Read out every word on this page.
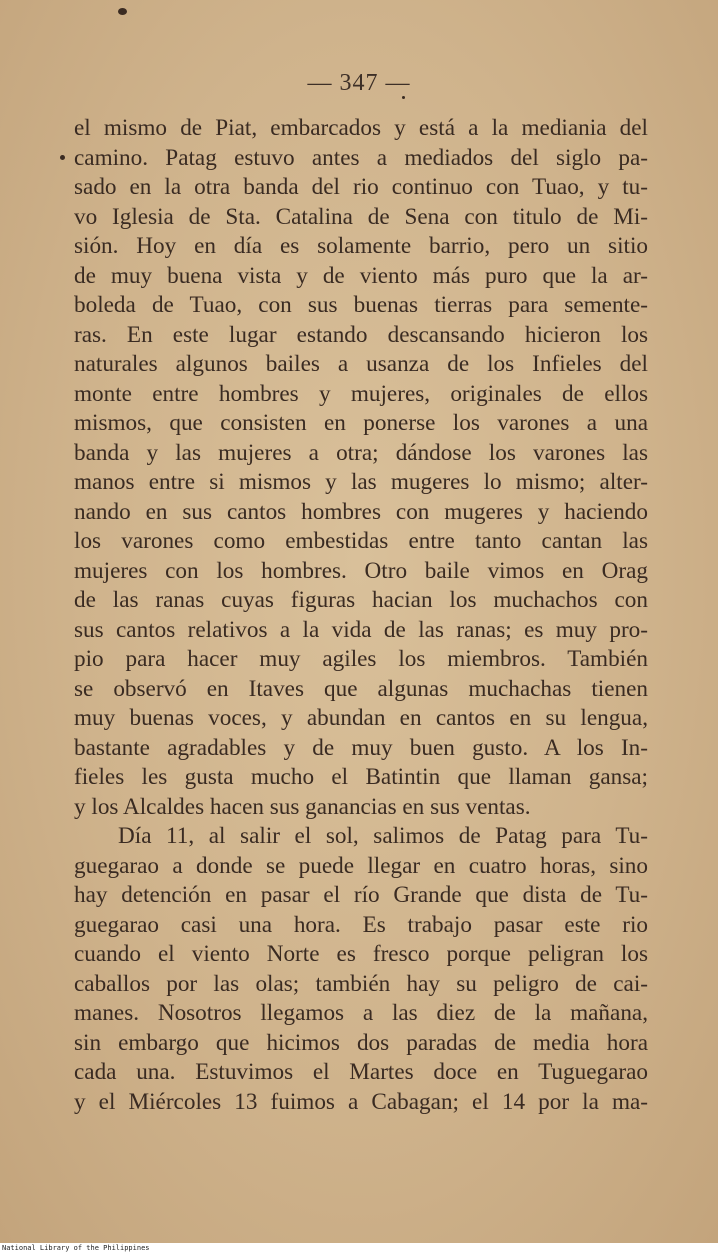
— 347 —
el mismo de Piat, embarcados y está a la mediania del
camino. Patag estuvo antes a mediados del siglo pa-
sado en la otra banda del rio continuo con Tuao, y tu-
vo Iglesia de Sta. Catalina de Sena con titulo de Mi-
sión. Hoy en día es solamente barrio, pero un sitio
de muy buena vista y de viento más puro que la ar-
boleda de Tuao, con sus buenas tierras para semente-
ras. En este lugar estando descansando hicieron los
naturales algunos bailes a usanza de los Infieles del
monte entre hombres y mujeres, originales de ellos
mismos, que consisten en ponerse los varones a una
banda y las mujeres a otra; dándose los varones las
manos entre si mismos y las mugeres lo mismo; alter-
nando en sus cantos hombres con mugeres y haciendo
los varones como embestidas entre tanto cantan las
mujeres con los hombres. Otro baile vimos en Orag
de las ranas cuyas figuras hacian los muchachos con
sus cantos relativos a la vida de las ranas; es muy pro-
pio para hacer muy agiles los miembros. También
se observó en Itaves que algunas muchachas tienen
muy buenas voces, y abundan en cantos en su lengua,
bastante agradables y de muy buen gusto. A los In-
fieles les gusta mucho el Batintin que llaman gansa;
y los Alcaldes hacen sus ganancias en sus ventas.
Día 11, al salir el sol, salimos de Patag para Tu-
guegarao a donde se puede llegar en cuatro horas, sino
hay detención en pasar el río Grande que dista de Tu-
guegarao casi una hora. Es trabajo pasar este rio
cuando el viento Norte es fresco porque peligran los
caballos por las olas; también hay su peligro de cai-
manes. Nosotros llegamos a las diez de la mañana,
sin embargo que hicimos dos paradas de media hora
cada una. Estuvimos el Martes doce en Tuguegarao
y el Miércoles 13 fuimos a Cabagan; el 14 por la ma-
National Library of the Philippines
